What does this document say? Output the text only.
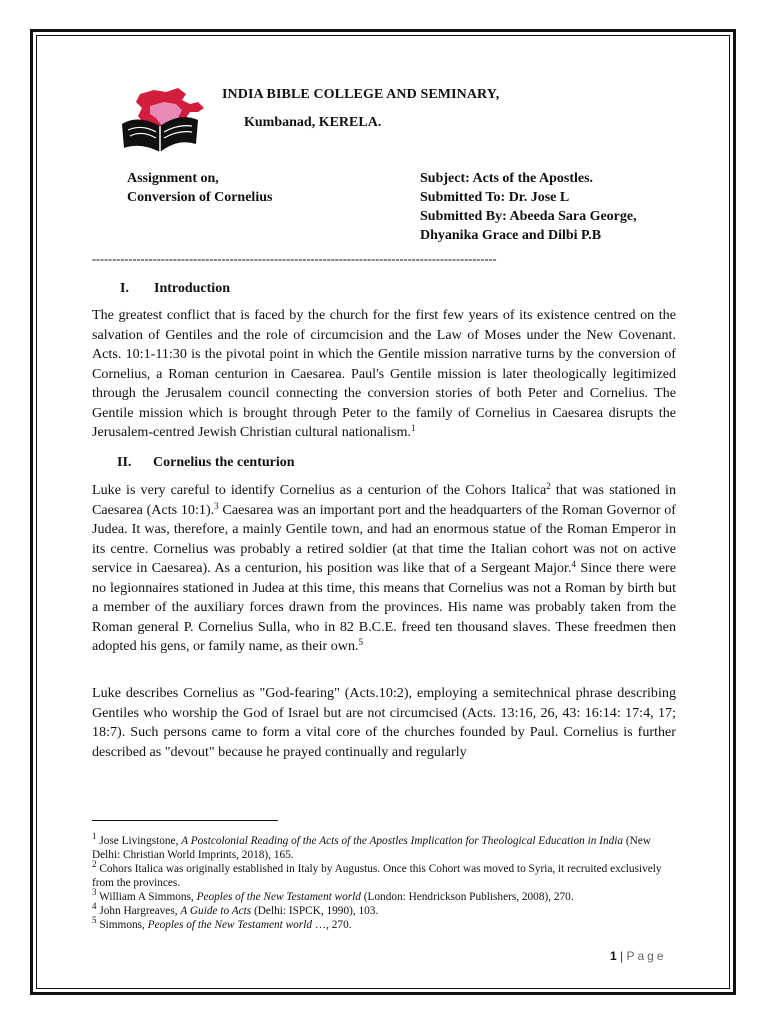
INDIA BIBLE COLLEGE AND SEMINARY,
Kumbanad, KERELA.
Assignment on,
Conversion of Cornelius
Subject: Acts of the Apostles.
Submitted To: Dr. Jose L
Submitted By: Abeeda Sara George,
Dhyanika Grace and Dilbi P.B
----------------------------------------------------------------------------------------------------
I. Introduction
The greatest conflict that is faced by the church for the first few years of its existence centred on the salvation of Gentiles and the role of circumcision and the Law of Moses under the New Covenant. Acts. 10:1-11:30 is the pivotal point in which the Gentile mission narrative turns by the conversion of Cornelius, a Roman centurion in Caesarea. Paul's Gentile mission is later theologically legitimized through the Jerusalem council connecting the conversion stories of both Peter and Cornelius. The Gentile mission which is brought through Peter to the family of Cornelius in Caesarea disrupts the Jerusalem-centred Jewish Christian cultural nationalism.$^1$
II. Cornelius the centurion
Luke is very careful to identify Cornelius as a centurion of the Cohors Italica$^2$ that was stationed in Caesarea (Acts 10:1).$^3$ Caesarea was an important port and the headquarters of the Roman Governor of Judea. It was, therefore, a mainly Gentile town, and had an enormous statue of the Roman Emperor in its centre. Cornelius was probably a retired soldier (at that time the Italian cohort was not on active service in Caesarea). As a centurion, his position was like that of a Sergeant Major.$^4$ Since there were no legionnaires stationed in Judea at this time, this means that Cornelius was not a Roman by birth but a member of the auxiliary forces drawn from the provinces. His name was probably taken from the Roman general P. Cornelius Sulla, who in 82 B.C.E. freed ten thousand slaves. These freedmen then adopted his gens, or family name, as their own.$^5$
Luke describes Cornelius as "God-fearing" (Acts.10:2), employing a semitechnical phrase describing Gentiles who worship the God of Israel but are not circumcised (Acts. 13:16, 26, 43: 16:14: 17:4, 17; 18:7). Such persons came to form a vital core of the churches founded by Paul. Cornelius is further described as "devout" because he prayed continually and regularly
$^1$ Jose Livingstone, A Postcolonial Reading of the Acts of the Apostles Implication for Theological Education in India (New Delhi: Christian World Imprints, 2018), 165.
$^2$ Cohors Italica was originally established in Italy by Augustus. Once this Cohort was moved to Syria, it recruited exclusively from the provinces.
$^3$ William A Simmons, Peoples of the New Testament world (London: Hendrickson Publishers, 2008), 270.
$^4$ John Hargreaves, A Guide to Acts (Delhi: ISPCK, 1990), 103.
$^5$ Simmons, Peoples of the New Testament world …, 270.
1 | Page
